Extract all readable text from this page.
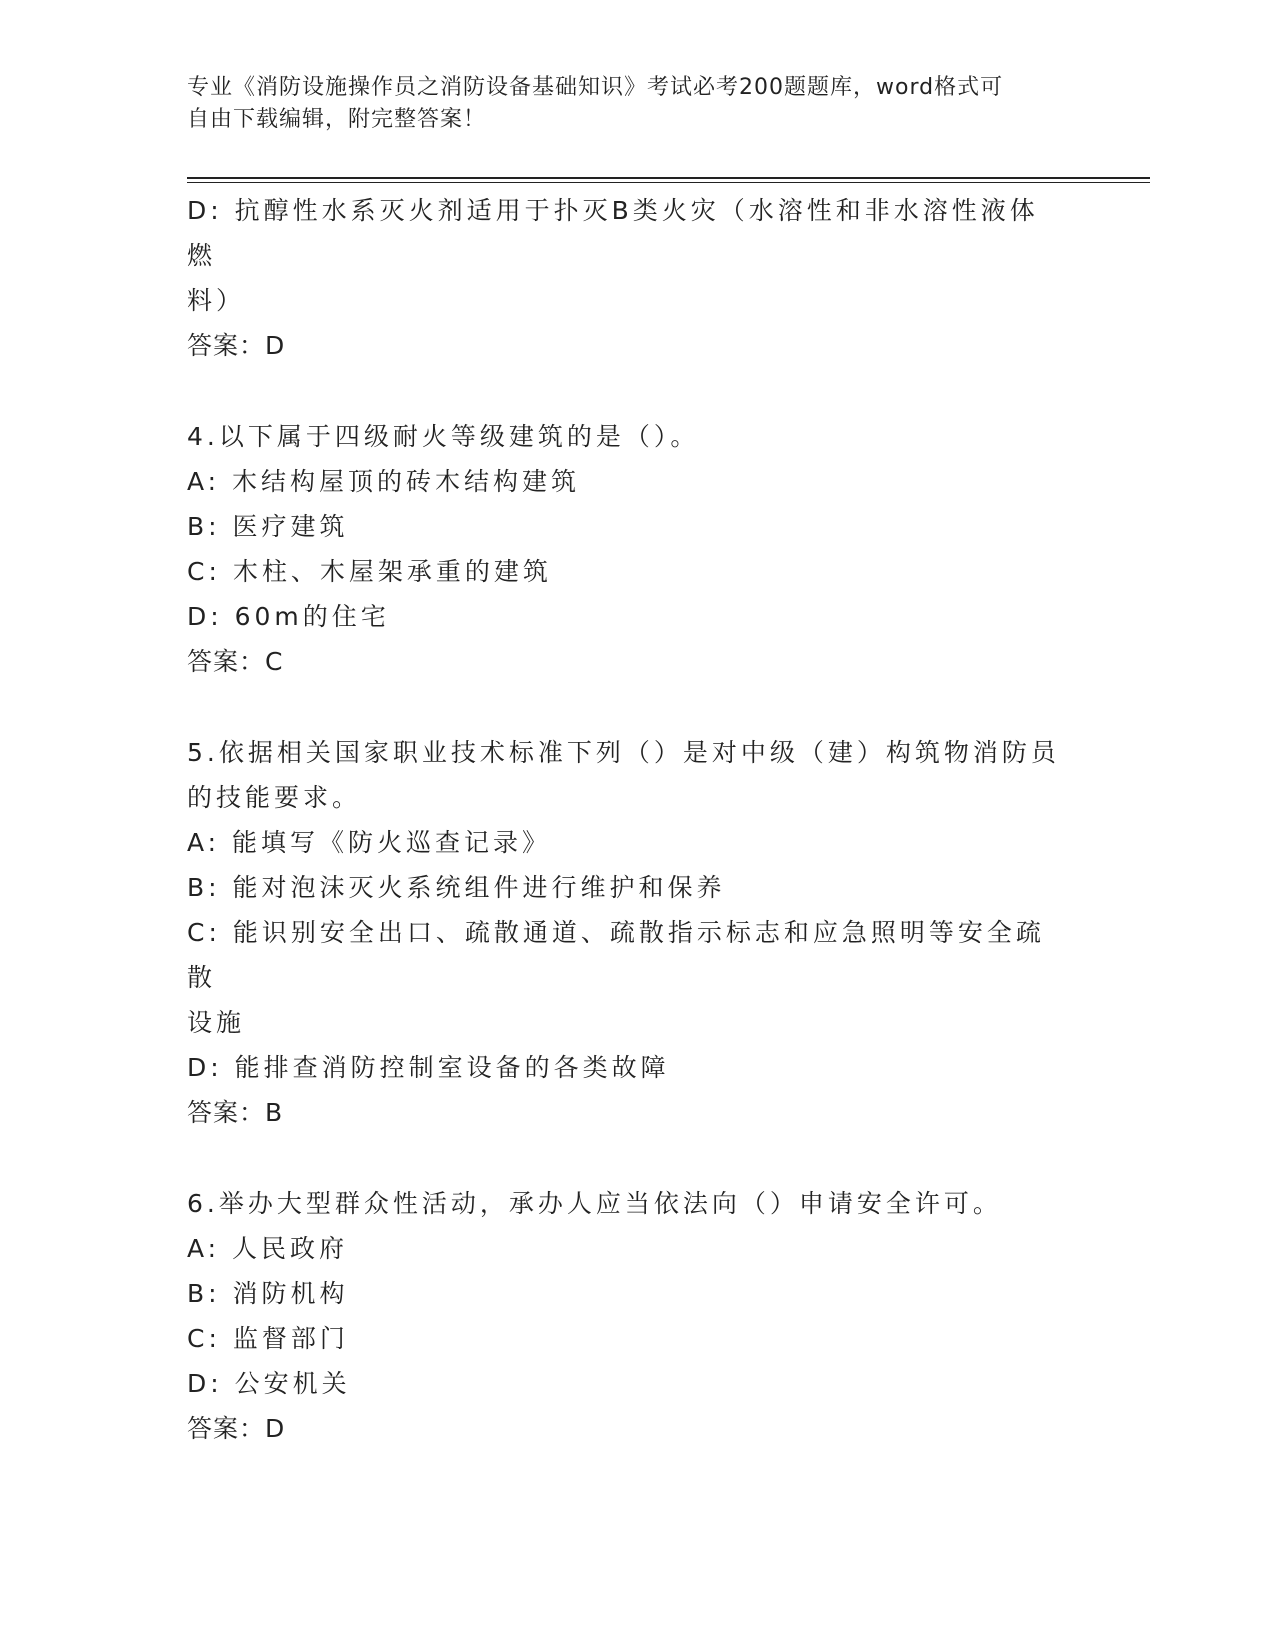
专业《消防设施操作员之消防设备基础知识》考试必考200题题库，word格式可
自由下载编辑，附完整答案！
D: 抗醇性水系灭火剂适用于扑灭B类火灾（水溶性和非水溶性液体燃
料）
答案：D
4.以下属于四级耐火等级建筑的是（）。
A: 木结构屋顶的砖木结构建筑
B: 医疗建筑
C: 木柱、木屋架承重的建筑
D: 60m的住宅
答案：C
5.依据相关国家职业技术标准下列（）是对中级（建）构筑物消防员
的技能要求。
A: 能填写《防火巡查记录》
B: 能对泡沫灭火系统组件进行维护和保养
C: 能识别安全出口、疏散通道、疏散指示标志和应急照明等安全疏散
设施
D: 能排查消防控制室设备的各类故障
答案：B
6.举办大型群众性活动，承办人应当依法向（）申请安全许可。
A: 人民政府
B: 消防机构
C: 监督部门
D: 公安机关
答案：D
